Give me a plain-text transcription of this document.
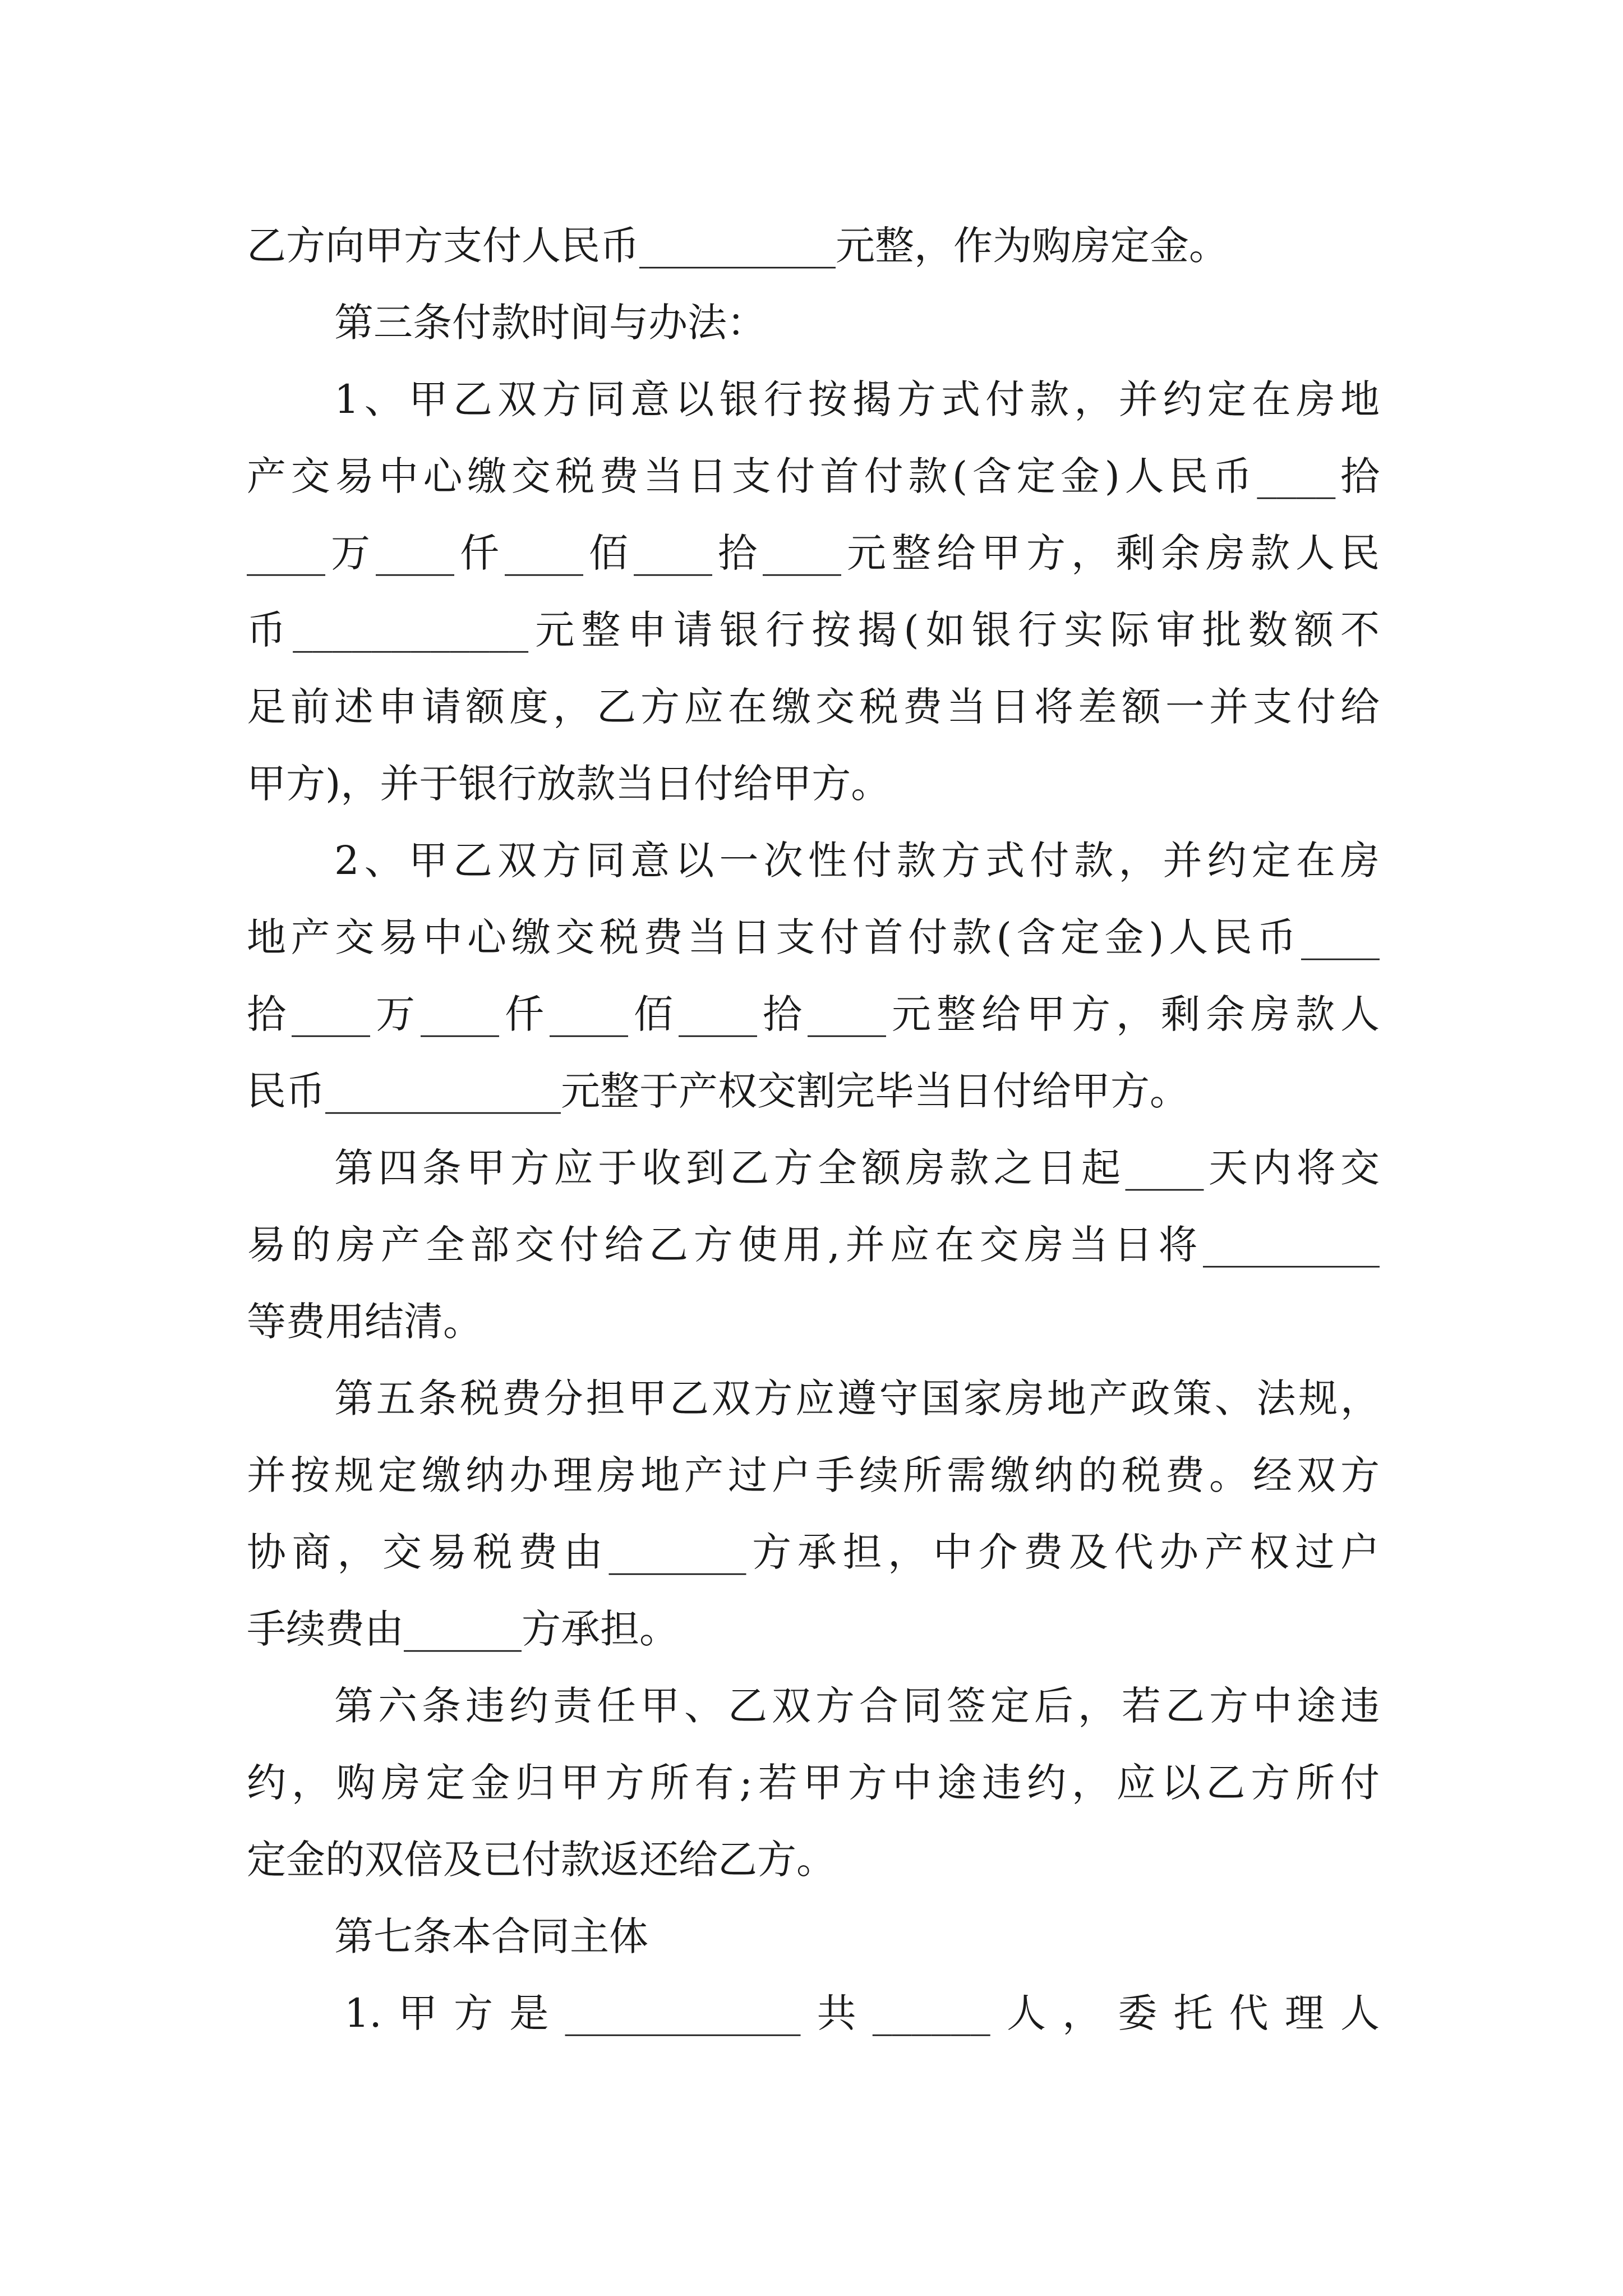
乙方向甲方支付人民币__________元整，作为购房定金。

第三条付款时间与办法：

1、甲乙双方同意以银行按揭方式付款，并约定在房地

产交易中心缴交税费当日支付首付款(含定金)人民币____拾

____万____仟____佰____拾____元整给甲方，剩余房款人民

币____________元整申请银行按揭(如银行实际审批数额不

足前述申请额度，乙方应在缴交税费当日将差额一并支付给

甲方)，并于银行放款当日付给甲方。

2、甲乙双方同意以一次性付款方式付款，并约定在房

地产交易中心缴交税费当日支付首付款(含定金)人民币____

拾____万____仟____佰____拾____元整给甲方，剩余房款人

民币____________元整于产权交割完毕当日付给甲方。

第四条甲方应于收到乙方全额房款之日起____天内将交

易的房产全部交付给乙方使用,并应在交房当日将_________

等费用结清。

第五条税费分担甲乙双方应遵守国家房地产政策、法规，

并按规定缴纳办理房地产过户手续所需缴纳的税费。经双方

协商，交易税费由_______方承担，中介费及代办产权过户

手续费由______方承担。

第六条违约责任甲、乙双方合同签定后，若乙方中途违

约，购房定金归甲方所有;若甲方中途违约，应以乙方所付

定金的双倍及已付款返还给乙方。

第七条本合同主体

1.甲方是____________共______人，委托代理人
